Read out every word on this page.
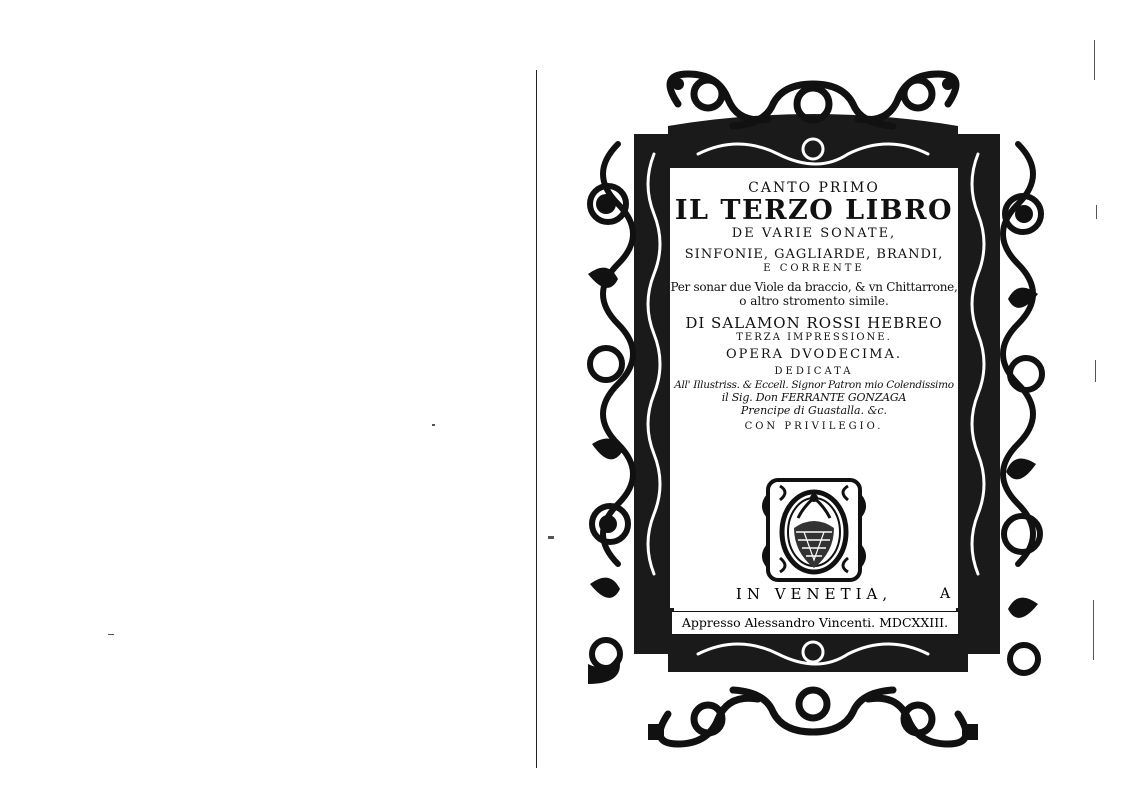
CANTO PRIMO
IL TERZO LIBRO
DE VARIE SONATE,
SINFONIE, GAGLIARDE, BRANDI,
E CORRENTE
Per sonar due Viole da braccio, & vn Chittarrone,
o altro stromento simile.
DI SALAMON ROSSI HEBREO
TERZA IMPRESSIONE.
OPERA DVODECIMA.
DEDICATA
All' Illustriss. & Eccell. Signor Patron mio Colendissimo
il Sig. Don FERRANTE GONZAGA
Prencipe di Guastalla. &c.
CON PRIVILEGIO.
IN VENETIA,	A
Appresso Alessandro Vincenti. MDCXXIII.
